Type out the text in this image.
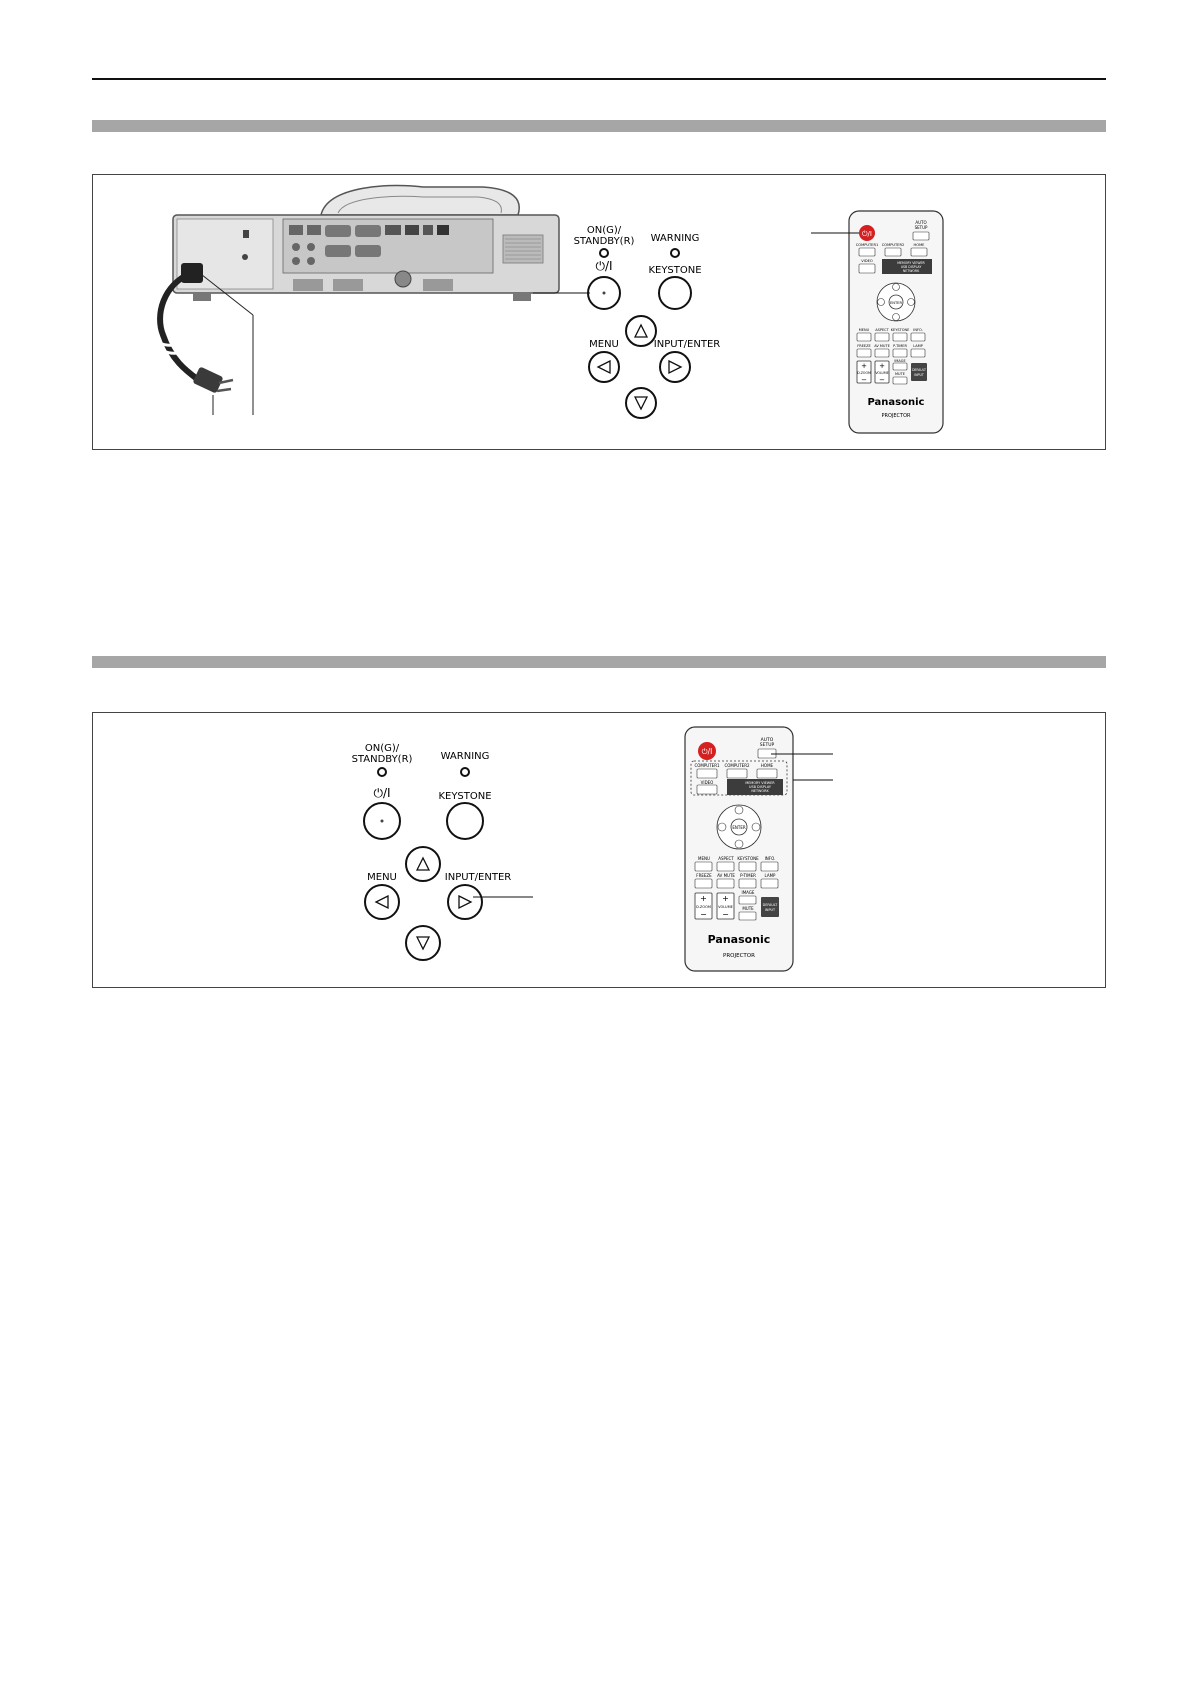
ON(G)/
STANDBY(R) WARNING
⏻/I	KEYSTONE
MENU	INPUT/ENTER
⏻/I
AUTO
SETUP
COMPUTER1 COMPUTER2	HOME
VIDEO	MEMORY VIEWER
USB DISPLAY
NETWORK
ENTER
MENU ASPECT KEYSTONE INFO.
FREEZE AV MUTE P-TIMER LAMP
IMAGE
+
D.ZOOM
−
+
VOLUME
−
MUTE
DEFAULT
INPUT
Panasonic
PROJECTOR
ON(G)/
STANDBY(R)	WARNING
⏻/I	KEYSTONE
MENU	INPUT/ENTER
⏻/I
AUTO
SETUP
COMPUTER1 COMPUTER2	HOME
VIDEO	MEMORY VIEWER
USB DISPLAY
NETWORK
ENTER
MENU ASPECT KEYSTONE INFO.
FREEZE AV MUTE P-TIMER LAMP
IMAGE
+
D.ZOOM
−
+
VOLUME
−
MUTE
DEFAULT
INPUT
Panasonic
PROJECTOR
